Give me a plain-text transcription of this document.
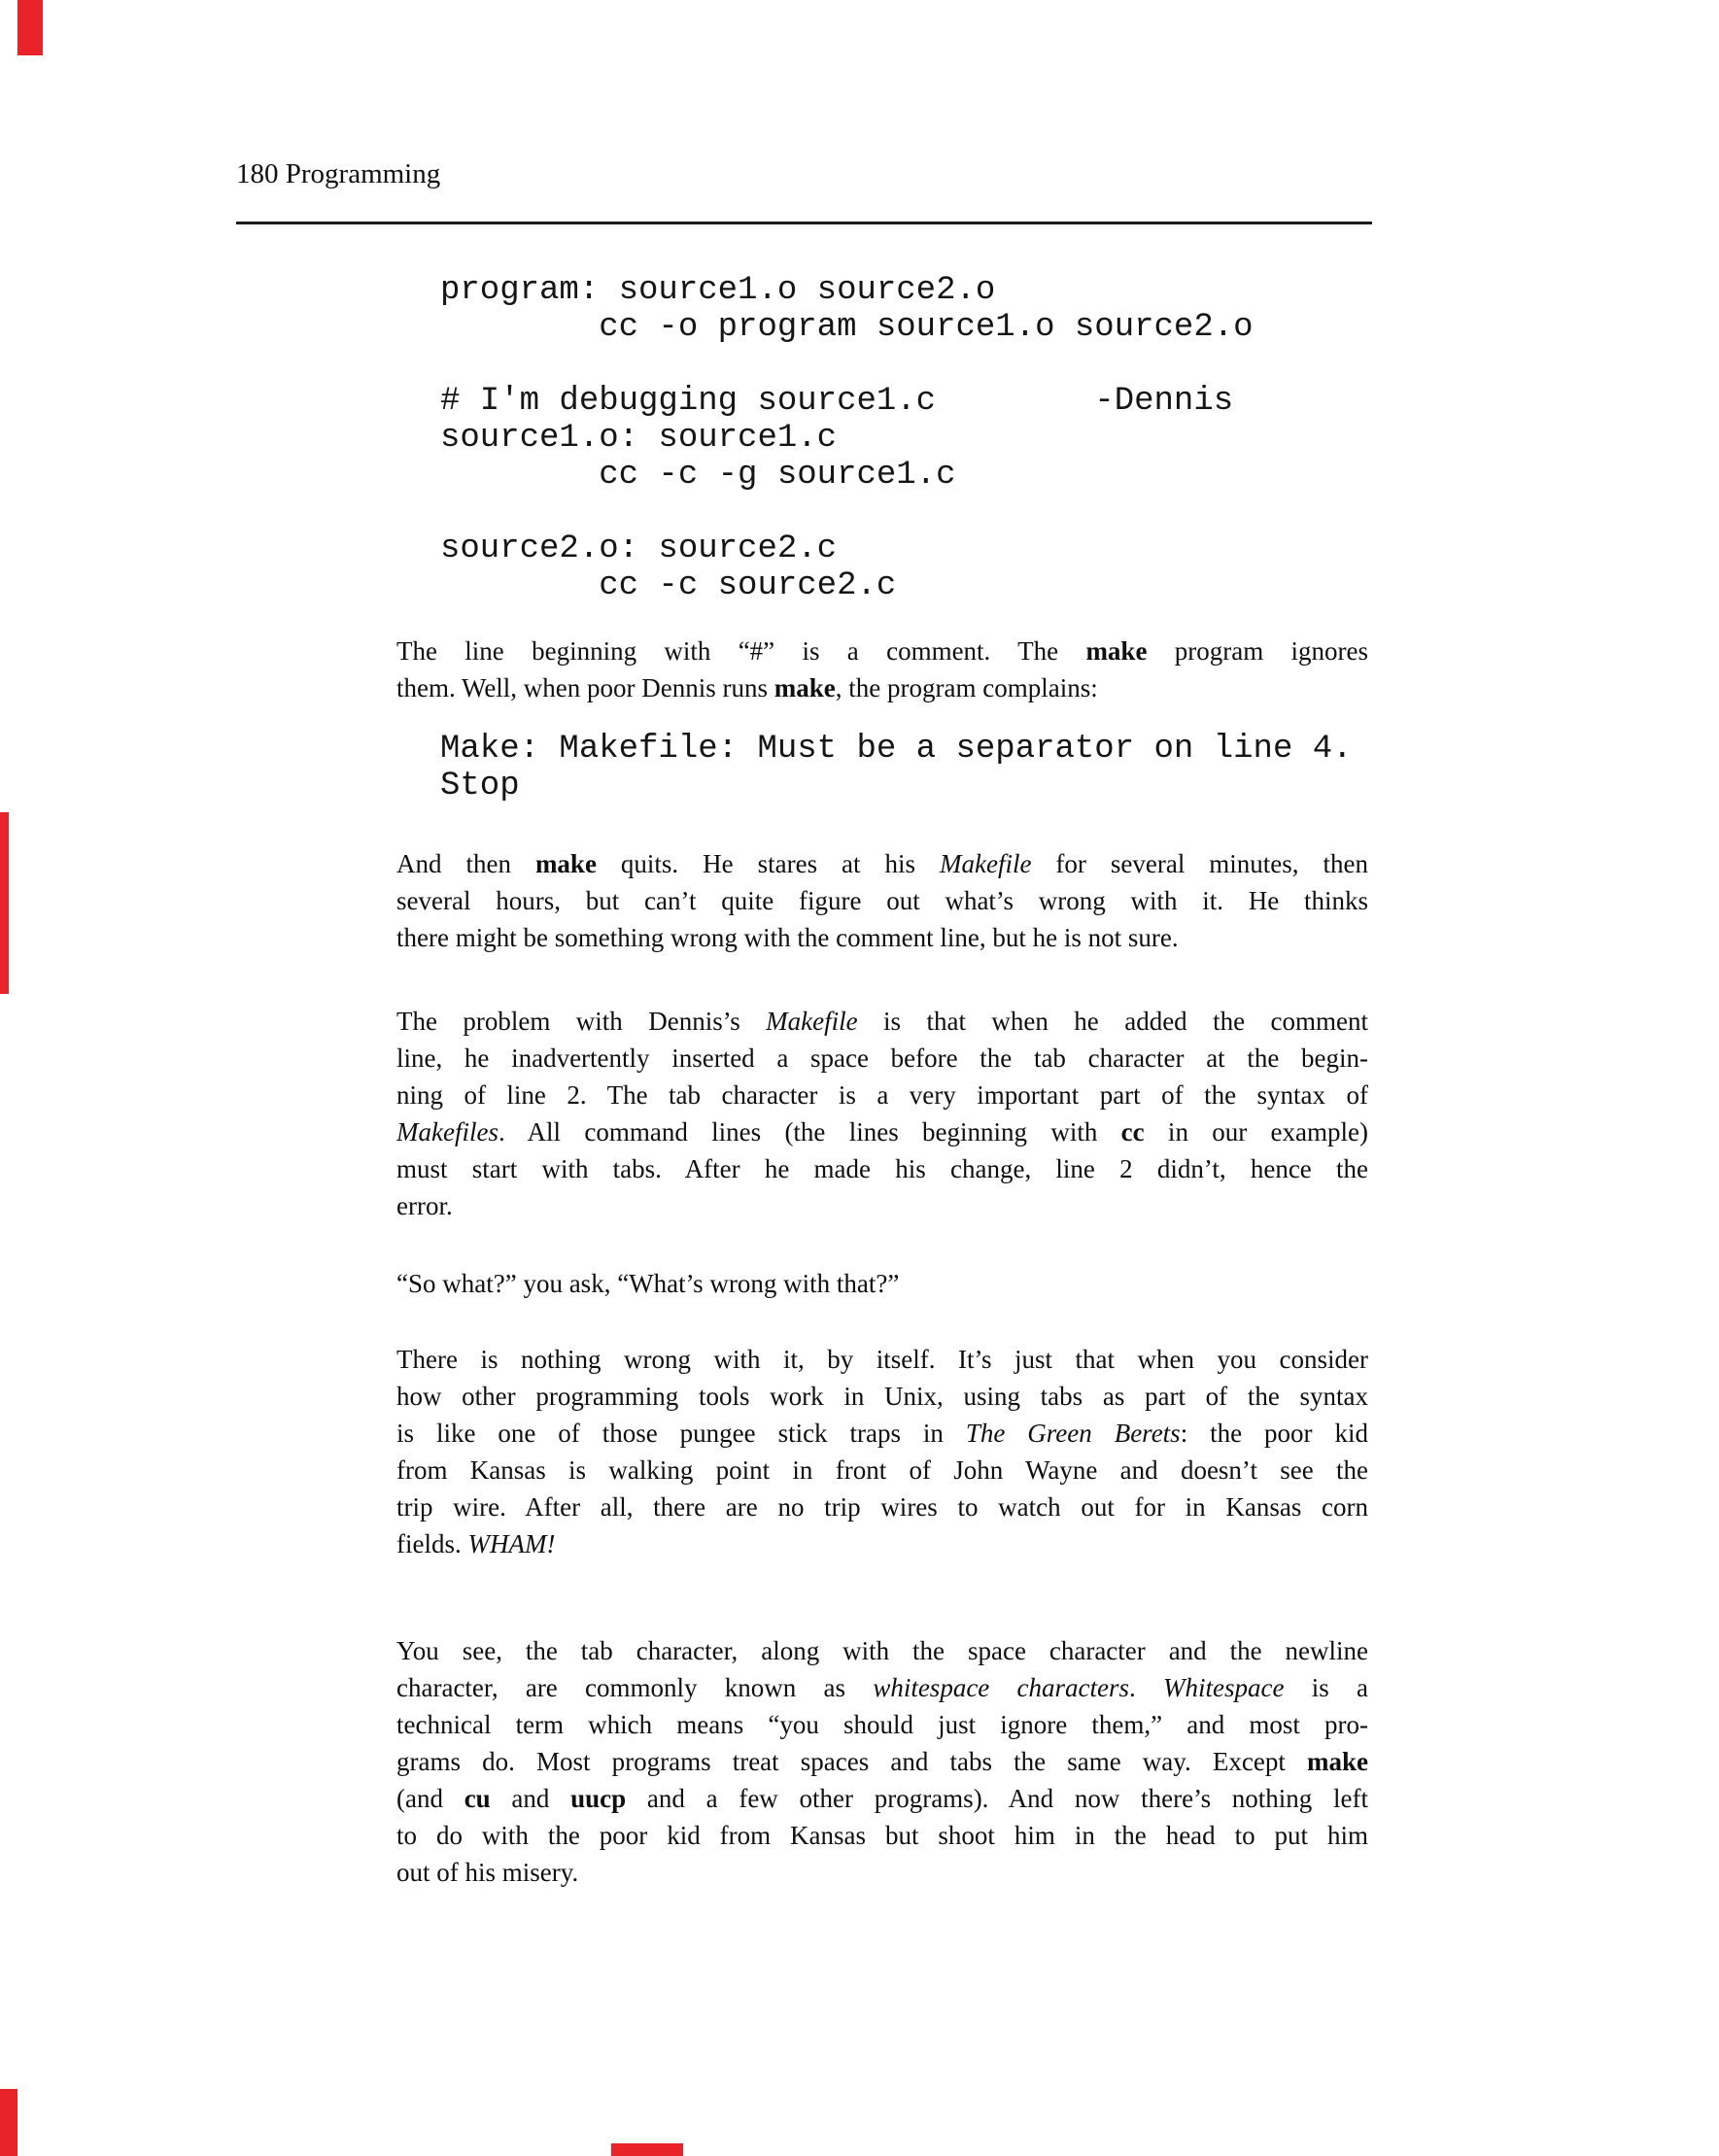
180 Programming
program: source1.o source2.o
cc -o program source1.o source2.o

# I'm debugging source1.c        -Dennis
source1.o: source1.c
cc -c -g source1.c

source2.o: source2.c
cc -c source2.c
The line beginning with “#” is a comment. The make program ignores
them. Well, when poor Dennis runs make, the program complains:
Make: Makefile: Must be a separator on line 4.
Stop
And then make quits. He stares at his Makefile for several minutes, then
several hours, but can’t quite figure out what’s wrong with it. He thinks
there might be something wrong with the comment line, but he is not sure.
The problem with Dennis’s Makefile is that when he added the comment
line, he inadvertently inserted a space before the tab character at the begin-
ning of line 2. The tab character is a very important part of the syntax of
Makefiles. All command lines (the lines beginning with cc in our example)
must start with tabs. After he made his change, line 2 didn’t, hence the
error.
“So what?” you ask, “What’s wrong with that?”
There is nothing wrong with it, by itself. It’s just that when you consider
how other programming tools work in Unix, using tabs as part of the syntax
is like one of those pungee stick traps in The Green Berets: the poor kid
from Kansas is walking point in front of John Wayne and doesn’t see the
trip wire. After all, there are no trip wires to watch out for in Kansas corn
fields. WHAM!
You see, the tab character, along with the space character and the newline
character, are commonly known as whitespace characters. Whitespace is a
technical term which means “you should just ignore them,” and most pro-
grams do. Most programs treat spaces and tabs the same way. Except make
(and cu and uucp and a few other programs). And now there’s nothing left
to do with the poor kid from Kansas but shoot him in the head to put him
out of his misery.
